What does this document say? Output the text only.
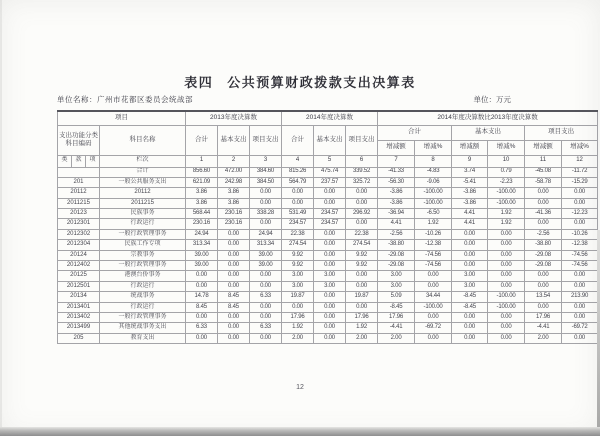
表四 公共预算财政拨款支出决算表
单位名称：广州市花都区委员会统战部	单位：万元
项目				2013年度决算数			2014年度决算数			2014年度决算数比2013年度决算数					
支出功能分类科目编码			科目名称	合计	基本支出	项目支出	合计	基本支出	项目支出	合计		基本支出		项目支出	
										增减额	增减%	增减额	增减%	增减额	增减%
类	款	项	栏次	1	2	3	4	5	6	7	8	9	10	11	12
			合计	856.60	472.00	384.60	815.26	475.74	339.52	-41.33	-4.83	3.74	0.79	-45.08	-11.72
201			一般公共服务支出	621.09	242.98	384.50	564.79	237.57	325.72	-56.30	-9.06	-5.41	-2.23	-58.78	-15.29
20112			20112	3.86	3.86	0.00	0.00	0.00	0.00	-3.86	-100.00	-3.86	-100.00	0.00	0.00
2011215			2011215	3.86	3.86	0.00	0.00	0.00	0.00	-3.86	-100.00	-3.86	-100.00	0.00	0.00
20123			民族事务	568.44	230.16	338.28	531.49	234.57	296.92	-36.94	-6.50	4.41	1.92	-41.36	-12.23
2012301			行政运行	230.16	230.16	0.00	234.57	234.57	0.00	4.41	1.92	4.41	1.92	0.00	0.00
2012302			一般行政管理事务	24.94	0.00	24.94	22.38	0.00	22.38	-2.56	-10.26	0.00	0.00	-2.56	-10.26
2012304			民族工作专项	313.34	0.00	313.34	274.54	0.00	274.54	-38.80	-12.38	0.00	0.00	-38.80	-12.38
20124			宗教事务	39.00	0.00	39.00	9.92	0.00	9.92	-29.08	-74.56	0.00	0.00	-29.08	-74.56
2012402			一般行政管理事务	39.00	0.00	39.00	9.92	0.00	9.92	-29.08	-74.56	0.00	0.00	-29.08	-74.56
20125			港澳台侨事务	0.00	0.00	0.00	3.00	3.00	0.00	3.00	0.00	3.00	0.00	0.00	0.00
2012501			行政运行	0.00	0.00	0.00	3.00	3.00	0.00	3.00	0.00	3.00	0.00	0.00	0.00
20134			统战事务	14.78	8.45	6.33	19.87	0.00	19.87	5.09	34.44	-8.45	-100.00	13.54	213.90
2013401			行政运行	8.45	8.45	0.00	0.00	0.00	0.00	-8.45	-100.00	-8.45	-100.00	0.00	0.00
2013402			一般行政管理事务	0.00	0.00	0.00	17.96	0.00	17.96	17.96	0.00	0.00	0.00	17.96	0.00
2013499			其他统战事务支出	6.33	0.00	6.33	1.92	0.00	1.92	-4.41	-69.72	0.00	0.00	-4.41	-69.72
205			教育支出	0.00	0.00	0.00	2.00	0.00	2.00	2.00	0.00	0.00	0.00	2.00	0.00
12
